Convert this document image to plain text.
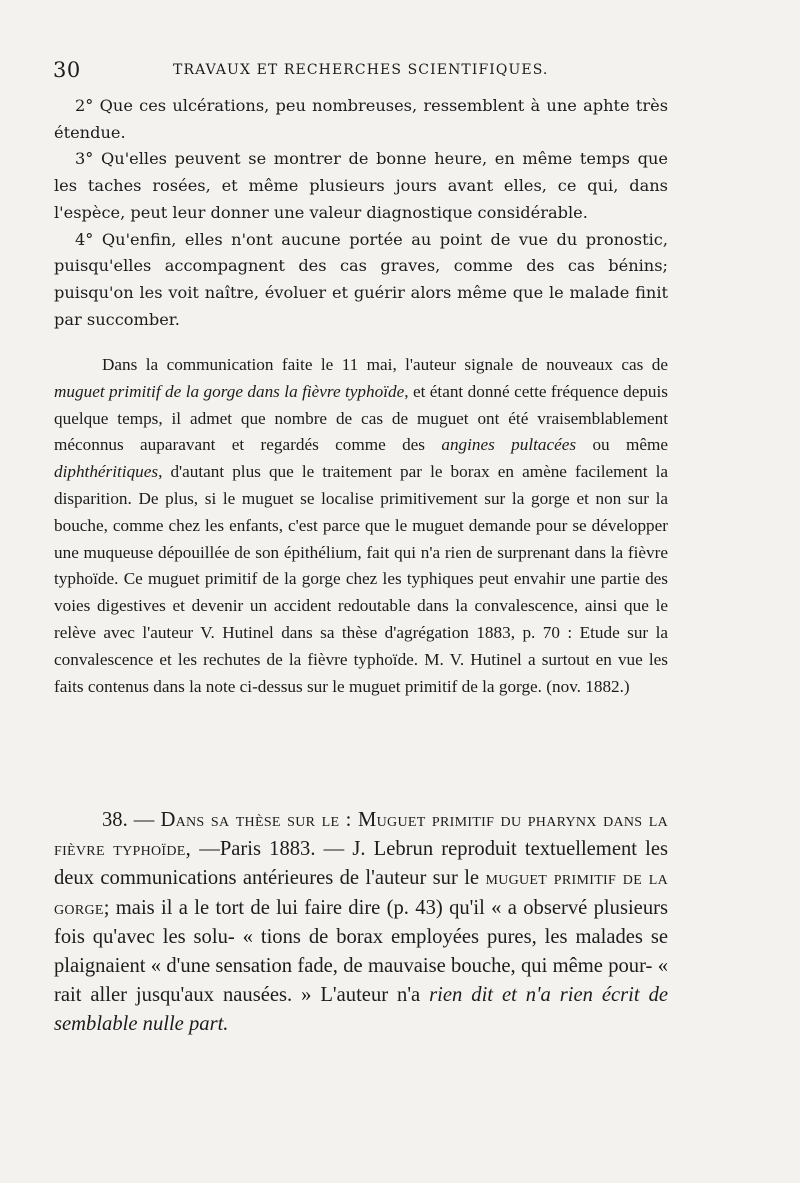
30	TRAVAUX ET RECHERCHES SCIENTIFIQUES.

2° Que ces ulcérations, peu nombreuses, ressemblent à une aphte très étendue.

3° Qu'elles peuvent se montrer de bonne heure, en même temps que les taches rosées, et même plusieurs jours avant elles, ce qui, dans l'espèce, peut leur donner une valeur diagnostique considérable.

4° Qu'enfin, elles n'ont aucune portée au point de vue du pronostic, puisqu'elles accompagnent des cas graves, comme des cas bénins; puisqu'on les voit naître, évoluer et guérir alors même que le malade finit par succomber.

Dans la communication faite le 11 mai, l'auteur signale de nouveaux cas de muguet primitif de la gorge dans la fièvre typhoïde, et étant donné cette fréquence depuis quelque temps, il admet que nombre de cas de muguet ont été vraisemblablement méconnus auparavant et regardés comme des angines pultacées ou même diphthéritiques, d'autant plus que le traitement par le borax en amène facilement la disparition. De plus, si le muguet se localise primitivement sur la gorge et non sur la bouche, comme chez les enfants, c'est parce que le muguet demande pour se développer une muqueuse dépouillée de son épithélium, fait qui n'a rien de surprenant dans la fièvre typhoïde. Ce muguet primitif de la gorge chez les typhiques peut envahir une partie des voies digestives et devenir un accident redoutable dans la convalescence, ainsi que le relève avec l'auteur V. Hutinel dans sa thèse d'agrégation 1883, p. 70 : Etude sur la convalescence et les rechutes de la fièvre typhoïde. M. V. Hutinel a surtout en vue les faits contenus dans la note ci-dessus sur le muguet primitif de la gorge. (nov. 1882.)

38. — Dans sa thèse sur le : Muguet primitif du pharynx dans la fièvre typhoïde, —Paris 1883. — J. Lebrun reproduit textuellement les deux communications antérieures de l'auteur sur le muguet primitif de la gorge; mais il a le tort de lui faire dire (p. 43) qu'il « a observé plusieurs fois qu'avec les solu- « tions de borax employées pures, les malades se plaignaient « d'une sensation fade, de mauvaise bouche, qui même pour- « rait aller jusqu'aux nausées. » L'auteur n'a rien dit et n'a rien écrit de semblable nulle part.
